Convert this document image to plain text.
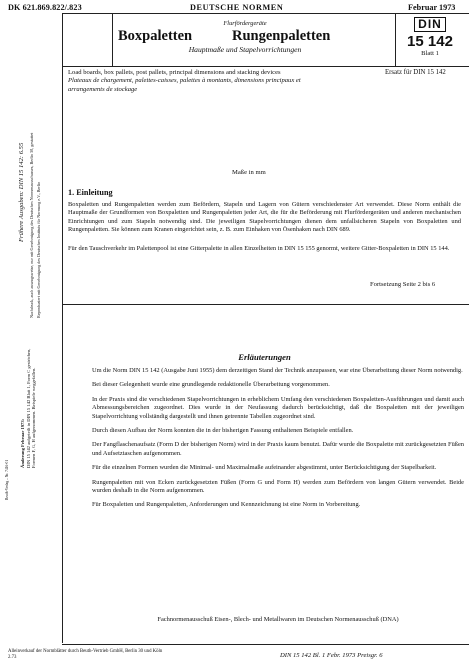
DK 621.869.822/.823	DEUTSCHE NORMEN	Februar 1973
Flurfördergeräte
Boxpaletten	Rungenpaletten
Hauptmaße und Stapelvorrichtungen
DIN
15 142
Blatt 1
Load boards, box pallets, post pallets, principal dimensions and stacking devices
Plateaux de chargement, palettes-caisses, palettes à montants, dimensions principaux et arrangements de stockage
Ersatz für DIN 15 142
Maße in mm
1. Einleitung
Boxpaletten und Rungenpaletten werden zum Befördern, Stapeln und Lagern von Gütern verschiedenster Art verwendet. Diese Norm enthält die Hauptmaße der Grundformen von Boxpaletten und Rungenpaletten jeder Art, die für die Beförderung mit Flurfördergeräten und anderen mechanischen Einrichtungen und zum Stapeln notwendig sind. Die jeweiligen Stapelvorrichtungen dienen dem unfallsicheren Stapeln von Boxpaletten und Rungenpaletten. Sie können zum Kranen eingerichtet sein, z. B. zum Einhaken von Ösenhaken nach DIN 689.
Für den Tauschverkehr im Palettenpool ist eine Gitterpalette in allen Einzelheiten in DIN 15 155 genormt, weitere Gitter-Boxpaletten in DIN 15 144.
Fortsetzung Seite 2 bis 6
Erläuterungen
Um die Norm DIN 15 142 (Ausgabe Juni 1955) dem derzeitigen Stand der Technik anzupassen, war eine Überarbeitung dieser Norm notwendig.
Bei dieser Gelegenheit wurde eine grundlegende redaktionelle Überarbeitung vorgenommen.
In der Praxis sind die verschiedenen Stapelvorrichtungen in erheblichem Umfang den verschiedenen Boxpaletten-Ausführungen und damit auch Abmessungsbereichen zugeordnet. Dies wurde in der Neufassung dadurch berücksichtigt, daß die Boxpaletten mit der jeweiligen Stapelvorrichtung vollständig dargestellt und ihnen getrennte Tabellen zugeordnet sind.
Durch diesen Aufbau der Norm konnten die in der bisherigen Fassung enthaltenen Beispiele entfallen.
Der Fangflaschenaufsatz (Form D der bisherigen Norm) wird in der Praxis kaum benutzt. Dafür wurde die Boxpalette mit zurückgesetzten Füßen und Aufsetztaschen aufgenommen.
Für die einzelnen Formen wurden die Minimal- und Maximalmaße aufeinander abgestimmt, unter Berücksichtigung der Stapelbarkeit.
Rungenpaletten mit von Ecken zurückgesetzten Füßen (Form G und Form H) werden zum Befördern von langen Gütern verwendet. Beide wurden deshalb in die Norm aufgenommen.
Für Boxpaletten und Rungenpaletten, Anforderungen und Kennzeichnung ist eine Norm in Vorbereitung.
Fachnormenausschuß Eisen-, Blech- und Metallwaren im Deutschen Normenausschuß (DNA)
Alleinverkauf der Normblätter durch Beuth-Vertrieb GmbH, Berlin 30 und Köln
2.73	DIN 15 142 Bl. 1 Febr. 1973 Preisgr. 6
Frühere Ausgaben: DIN 15 142: 6.55 Nachdruck, auch auszugsweise, nur mit Genehmigung des Deutschen Normenausschusses, Berlin 30, gestattet Reproduziert mit Genehmigung des Deutschen Instituts für Normung e.V., Berlin
Änderung Februar 1973: DIN 15 142 aufgeteilt in DIN 15 142 Blatt 1, Form C gestrichen, Formen F, G, H aufgenommen. Beispiele weggefallen.
Beuth-Verlag – Nr. 7416-01
